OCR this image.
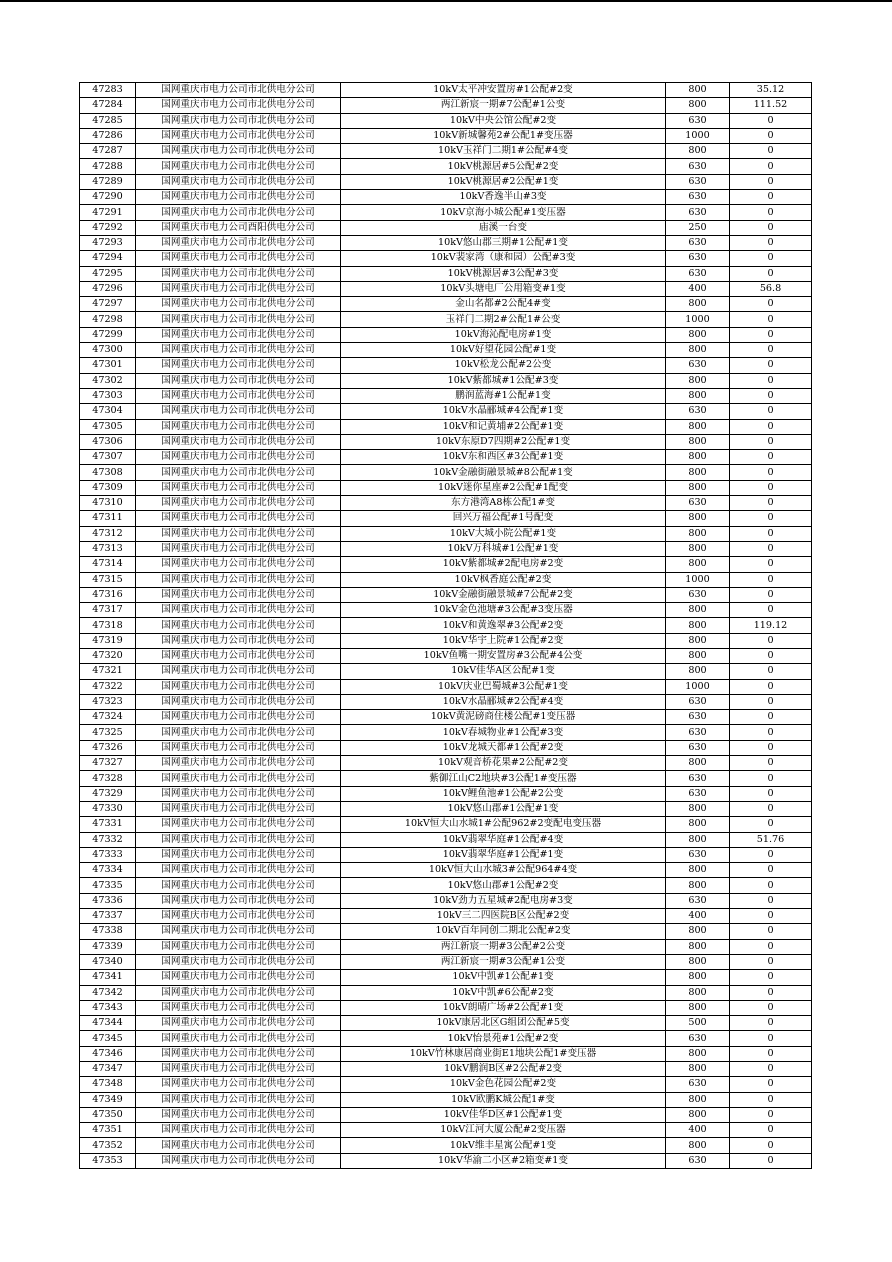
47283	国网重庆市电力公司市北供电分公司	10kV太平冲安置房#1公配#2变	800	35.12
47284	国网重庆市电力公司市北供电分公司	两江新宸一期#7公配#1公变	800	111.52
47285	国网重庆市电力公司市北供电分公司	10kV中央公馆公配#2变	630	0
47286	国网重庆市电力公司市北供电分公司	10kV新城馨苑2#公配1#变压器	1000	0
47287	国网重庆市电力公司市北供电分公司	10kV玉祥门二期1#公配#4变	800	0
47288	国网重庆市电力公司市北供电分公司	10kV桃源居#5公配#2变	630	0
47289	国网重庆市电力公司市北供电分公司	10kV桃源居#2公配#1变	630	0
47290	国网重庆市电力公司市北供电分公司	10kV香逸半山#3变	630	0
47291	国网重庆市电力公司市北供电分公司	10kV京海小城公配#1变压器	630	0
47292	国网重庆市电力公司酉阳供电分公司	庙溪一台变	250	0
47293	国网重庆市电力公司市北供电分公司	10kV悠山郡三期#1公配#1变	630	0
47294	国网重庆市电力公司市北供电分公司	10kV裴家湾（康和园）公配#3变	630	0
47295	国网重庆市电力公司市北供电分公司	10kV桃源居#3公配#3变	630	0
47296	国网重庆市电力公司市北供电分公司	10kV头塘电厂公用箱变#1变	400	56.8
47297	国网重庆市电力公司市北供电分公司	金山名都#2公配4#变	800	0
47298	国网重庆市电力公司市北供电分公司	玉祥门二期2#公配1#公变	1000	0
47299	国网重庆市电力公司市北供电分公司	10kV海沁配电房#1变	800	0
47300	国网重庆市电力公司市北供电分公司	10kV好望花园公配#1变	800	0
47301	国网重庆市电力公司市北供电分公司	10kV松龙公配#2公变	630	0
47302	国网重庆市电力公司市北供电分公司	10kV紫都城#1公配#3变	800	0
47303	国网重庆市电力公司市北供电分公司	鹏润蓝海#1公配#1变	800	0
47304	国网重庆市电力公司市北供电分公司	10kV水晶郦城#4公配#1变	630	0
47305	国网重庆市电力公司市北供电分公司	10kV和记黄埔#2公配#1变	800	0
47306	国网重庆市电力公司市北供电分公司	10kV东原D7四期#2公配#1变	800	0
47307	国网重庆市电力公司市北供电分公司	10kV东和西区#3公配#1变	800	0
47308	国网重庆市电力公司市北供电分公司	10kV金融街融景城#8公配#1变	800	0
47309	国网重庆市电力公司市北供电分公司	10kV迷你星座#2公配#1配变	800	0
47310	国网重庆市电力公司市北供电分公司	东方港湾A8栋公配1#变	630	0
47311	国网重庆市电力公司市北供电分公司	回兴万福公配#1号配变	800	0
47312	国网重庆市电力公司市北供电分公司	10kV大城小院公配#1变	800	0
47313	国网重庆市电力公司市北供电分公司	10kV万科城#1公配#1变	800	0
47314	国网重庆市电力公司市北供电分公司	10kV紫都城#2配电房#2变	800	0
47315	国网重庆市电力公司市北供电分公司	10kV枫香庭公配#2变	1000	0
47316	国网重庆市电力公司市北供电分公司	10kV金融街融景城#7公配#2变	630	0
47317	国网重庆市电力公司市北供电分公司	10kV金色池塘#3公配#3变压器	800	0
47318	国网重庆市电力公司市北供电分公司	10kV和黄逸翠#3公配#2变	800	119.12
47319	国网重庆市电力公司市北供电分公司	10kV华宇上院#1公配#2变	800	0
47320	国网重庆市电力公司市北供电分公司	10kV鱼嘴一期安置房#3公配#4公变	800	0
47321	国网重庆市电力公司市北供电分公司	10kV佳华A区公配#1变	800	0
47322	国网重庆市电力公司市北供电分公司	10kV庆业巴蜀城#3公配#1变	1000	0
47323	国网重庆市电力公司市北供电分公司	10kV水晶郦城#2公配#4变	630	0
47324	国网重庆市电力公司市北供电分公司	10kV黄泥磅商住楼公配#1变压器	630	0
47325	国网重庆市电力公司市北供电分公司	10kV春城物业#1公配#3变	630	0
47326	国网重庆市电力公司市北供电分公司	10kV龙城天都#1公配#2变	630	0
47327	国网重庆市电力公司市北供电分公司	10kV观音桥花果#2公配#2变	800	0
47328	国网重庆市电力公司市北供电分公司	紫御江山C2地块#3公配1#变压器	630	0
47329	国网重庆市电力公司市北供电分公司	10kV鲤鱼池#1公配#2公变	630	0
47330	国网重庆市电力公司市北供电分公司	10kV悠山郡#1公配#1变	800	0
47331	国网重庆市电力公司市北供电分公司	10kV恒大山水城1#公配962#2变配电变压器	800	0
47332	国网重庆市电力公司市北供电分公司	10kV翡翠华庭#1公配#4变	800	51.76
47333	国网重庆市电力公司市北供电分公司	10kV翡翠华庭#1公配#1变	630	0
47334	国网重庆市电力公司市北供电分公司	10kV恒大山水城3#公配964#4变	800	0
47335	国网重庆市电力公司市北供电分公司	10kV悠山郡#1公配#2变	800	0
47336	国网重庆市电力公司市北供电分公司	10kV劲力五星城#2配电房#3变	630	0
47337	国网重庆市电力公司市北供电分公司	10kV三二四医院B区公配#2变	400	0
47338	国网重庆市电力公司市北供电分公司	10kV百年同创二期北公配#2变	800	0
47339	国网重庆市电力公司市北供电分公司	两江新宸一期#3公配#2公变	800	0
47340	国网重庆市电力公司市北供电分公司	两江新宸一期#3公配#1公变	800	0
47341	国网重庆市电力公司市北供电分公司	10kV中凯#1公配#1变	800	0
47342	国网重庆市电力公司市北供电分公司	10kV中凯#6公配#2变	800	0
47343	国网重庆市电力公司市北供电分公司	10kV朗晴广场#2公配#1变	800	0
47344	国网重庆市电力公司市北供电分公司	10kV康居北区G组团公配#5变	500	0
47345	国网重庆市电力公司市北供电分公司	10kV怡景苑#1公配#2变	630	0
47346	国网重庆市电力公司市北供电分公司	10kV竹林康居商业街E1地块公配1#变压器	800	0
47347	国网重庆市电力公司市北供电分公司	10kV鹏润B区#2公配#2变	800	0
47348	国网重庆市电力公司市北供电分公司	10kV金色花园公配#2变	630	0
47349	国网重庆市电力公司市北供电分公司	10kV欧鹏K城公配1#变	800	0
47350	国网重庆市电力公司市北供电分公司	10kV佳华D区#1公配#1变	800	0
47351	国网重庆市电力公司市北供电分公司	10kV江河大厦公配#2变压器	400	0
47352	国网重庆市电力公司市北供电分公司	10kV维丰星寓公配#1变	800	0
47353	国网重庆市电力公司市北供电分公司	10kV华渝二小区#2箱变#1变	630	0
